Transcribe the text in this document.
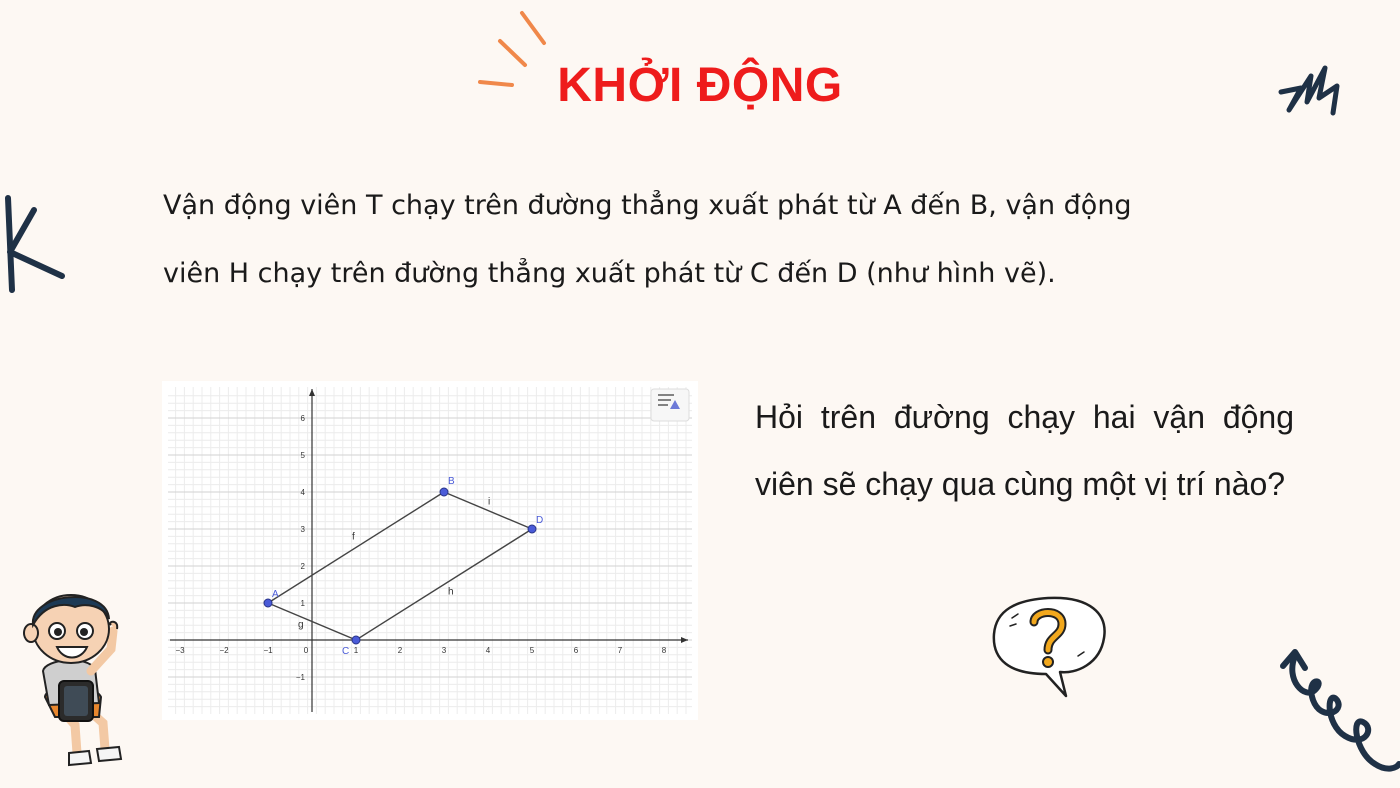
KHỞI ĐỘNG
Vận động viên T chạy trên đường thẳng xuất phát từ A đến B, vận động
viên H chạy trên đường thẳng xuất phát từ C đến D (như hình vẽ).
−3	−2	−1	0	1	2	3	4	5	6	7	8
−1
1
2
3
4
5
6
f
i
h
g
A
B
C
D
Hỏi trên đường chạy hai vận động viên sẽ chạy qua cùng một vị trí nào?
